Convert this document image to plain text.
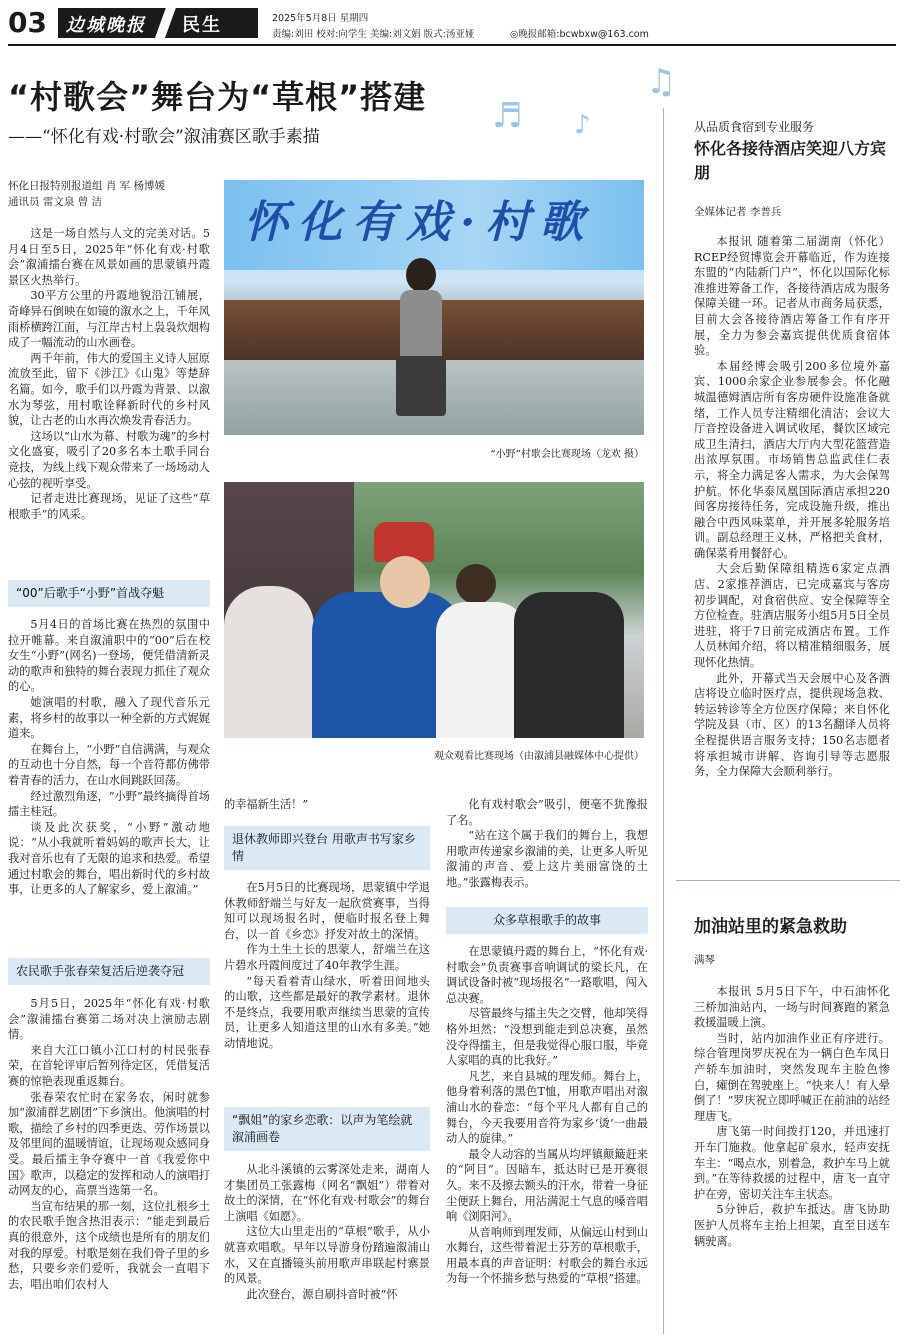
03 边城晚报 民生	2025年5月8日 星期四
责编:刘田 校对:向学生 美编:刘文娟 版式:汤亚娅	◎晚报邮箱:bcwbxw@163.com
♬ ♪
♫
“村歌会”舞台为“草根”搭建
——“怀化有戏·村歌会”溆浦赛区歌手素描
怀化日报特别报道组 肖 军 杨博媛
通讯员 雷文泉 曾 洁

这是一场自然与人文的完美对话。5月4日至5日，2025年“怀化有戏·村歌会”溆浦擂台赛在风景如画的思蒙镇丹霞景区火热举行。

30平方公里的丹霞地貌沿江铺展，奇峰异石倒映在如镜的溆水之上，千年风雨桥横跨江面，与江岸古村上袅袅炊烟构成了一幅流动的山水画卷。

两千年前，伟大的爱国主义诗人屈原流放至此，留下《涉江》《山鬼》等楚辞名篇。如今，歌手们以丹霞为背景、以溆水为琴弦，用村歌诠释新时代的乡村风貌，让古老的山水再次焕发青春活力。

这场以“山水为幕、村歌为魂”的乡村文化盛宴，吸引了20多名本土歌手同台竞技，为线上线下观众带来了一场场动人心弦的视听享受。

记者走进比赛现场，见证了这些“草根歌手”的风采。

“00”后歌手“小野”首战夺魁

5月4日的首场比赛在热烈的氛围中拉开帷幕。来自溆浦职中的“00”后在校女生“小野”(网名)一登场，便凭借清新灵动的歌声和独特的舞台表现力抓住了观众的心。

她演唱的村歌，融入了现代音乐元素，将乡村的故事以一种全新的方式娓娓道来。

在舞台上，“小野”自信满满，与观众的互动也十分自然，每一个音符都仿佛带着青春的活力，在山水间跳跃回荡。

经过激烈角逐，“小野”最终摘得首场擂主桂冠。

谈及此次获奖，“小野”激动地说：“从小我就听着妈妈的歌声长大，让我对音乐也有了无限的追求和热爱。希望通过村歌会的舞台，唱出新时代的乡村故事，让更多的人了解家乡，爱上溆浦。”

农民歌手张春荣复活后逆袭夺冠

5月5日，2025年“怀化有戏·村歌会”溆浦擂台赛第二场对决上演励志剧情。

来自大江口镇小江口村的村民张春荣，在首轮评审后暂列待定区，凭借复活赛的惊艳表现重返舞台。

张春荣农忙时在家务农，闲时就参加“溆浦群艺剧团”下乡演出。他演唱的村歌，描绘了乡村的四季更迭、劳作场景以及邻里间的温暖情谊，让现场观众感同身受。最后擂主争夺赛中一首《我爱你中国》歌声，以稳定的发挥和动人的演唱打动网友的心，高票当选第一名。

当宣布结果的那一刻，这位扎根乡土的农民歌手饱含热泪表示：“能走到最后真的很意外，这个成绩也是所有的朋友们对我的厚爱。村歌是刻在我们骨子里的乡愁，只要乡亲们爱听，我就会一直唱下去，唱出咱们农村人

怀化有戏·村歌
“小野”村歌会比赛现场（龙欢 摄）
观众观看比赛现场（由溆浦县融媒体中心提供）
的幸福新生活！”
退休教师即兴登台 用歌声书写家乡情

在5月5日的比赛现场，思蒙镇中学退休教师舒端兰与好友一起欣赏赛事，当得知可以现场报名时，便临时报名登上舞台，以一首《乡恋》抒发对故土的深情。

作为土生土长的思蒙人，舒端兰在这片碧水丹霞间度过了40年教学生涯。

“每天看着青山绿水，听着田间地头的山歌，这些都是最好的教学素材。退休不是终点，我要用歌声继续当思蒙的宣传员，让更多人知道这里的山水有多美。”她动情地说。

“飘姐”的家乡恋歌：以声为笔绘就溆浦画卷

从北斗溪镇的云雾深处走来，湖南人才集团员工张露梅（网名“飘姐”）带着对故土的深情，在“怀化有戏·村歌会”的舞台上演唱《如愿》。

这位大山里走出的“草根”歌手，从小就喜欢唱歌。早年以导游身份踏遍溆浦山水，又在直播镜头前用歌声串联起村寨景的风景。

此次登台，源自刷抖音时被“怀

化有戏村歌会”吸引，便毫不犹豫报了名。

“站在这个属于我们的舞台上，我想用歌声传递家乡溆浦的美，让更多人听见溆浦的声音、爱上这片美丽富饶的土地。”张露梅表示。

众多草根歌手的故事

在思蒙镇丹霞的舞台上，“怀化有戏·村歌会”负责赛事音响调试的梁长凡，在调试设备时被“现场报名”一路歌唱，闯入总决赛。

尽管最终与擂主失之交臂，他却笑得格外坦然：“没想到能走到总决赛，虽然没夺得擂主，但是我觉得心服口服，毕竟人家唱的真的比我好。”

凡艺，来自县城的理发师。舞台上，他身着利落的黑色T恤，用歌声唱出对溆浦山水的眷恋：“每个平凡人都有自己的舞台，今天我要用音符为家乡‘烫’一曲最动人的旋律。”

最令人动容的当属从均坪镇颠簸赶来的“阿目”。因暗车，抵达时已是开赛很久。来不及擦去额头的汗水，带着一身征尘便跃上舞台，用沾满泥土气息的嗓音唱响《浏阳河》。

从音响师到理发师，从偏远山村到山水舞台，这些带着泥土芬芳的草根歌手，用最本真的声音证明：村歌会的舞台永远为每一个怀揣乡愁与热爱的“草根”搭建。

从品质食宿到专业服务
怀化各接待酒店笑迎八方宾朋
全媒体记者 李普兵

本报讯 随着第二届湖南（怀化）RCEP经贸博览会开幕临近，作为连接东盟的“内陆新门户”，怀化以国际化标准推进筹备工作，各接待酒店成为服务保障关键一环。记者从市商务局获悉，目前大会各接待酒店筹备工作有序开展，全力为参会嘉宾提供优质食宿体验。

本届经博会吸引200多位境外嘉宾、1000余家企业参展参会。怀化融城温德姆酒店所有客房硬件设施准备就绪，工作人员专注精细化清洁；会议大厅音控设备进入调试收尾，餐饮区域完成卫生清扫，酒店大厅内大型花篮营造出浓厚氛围。市场销售总监武佳仁表示，将全力满足客人需求，为大会保驾护航。怀化华泰凤凰国际酒店承担220间客房接待任务，完成设施升级，推出融合中西风味菜单，并开展多轮服务培训。副总经理王义林，严格把关食材，确保菜肴用餐舒心。

大会后勤保障组精选6家定点酒店、2家推荐酒店，已完成嘉宾与客房初步调配，对食宿供应、安全保障等全方位检查。驻酒店服务小组5月5日全员进驻，将于7日前完成酒店布置。工作人员林闻介绍，将以精准精细服务，展现怀化热情。

此外，开幕式当天会展中心及各酒店将设立临时医疗点，提供现场急救、转运转诊等全方位医疗保障；来自怀化学院及县（市、区）的13名翻译人员将全程提供语言服务支持；150名志愿者将承担城市讲解、咨询引导等志愿服务，全力保障大会顺利举行。

加油站里的紧急救助
满琴

本报讯 5月5日下午，中石油怀化三桥加油站内，一场与时间赛跑的紧急救援温暖上演。

当时，站内加油作业正有序进行。综合管理岗罗庆祝在为一辆白色车凤日产轿车加油时，突然发现车主脸色惨白，瘫倒在驾驶座上。“快来人！有人晕倒了！”罗庆祝立即呼喊正在前油的站经理唐飞。

唐飞第一时间拨打120，并迅速打开车门施救。他拿起矿泉水，轻声安抚车主：“喝点水，别着急，救护车马上就到。”在等待救援的过程中，唐飞一直守护在旁，密切关注车主状态。

5分钟后，救护车抵达。唐飞协助医护人员将车主抬上担架，直至目送车辆驶离。
